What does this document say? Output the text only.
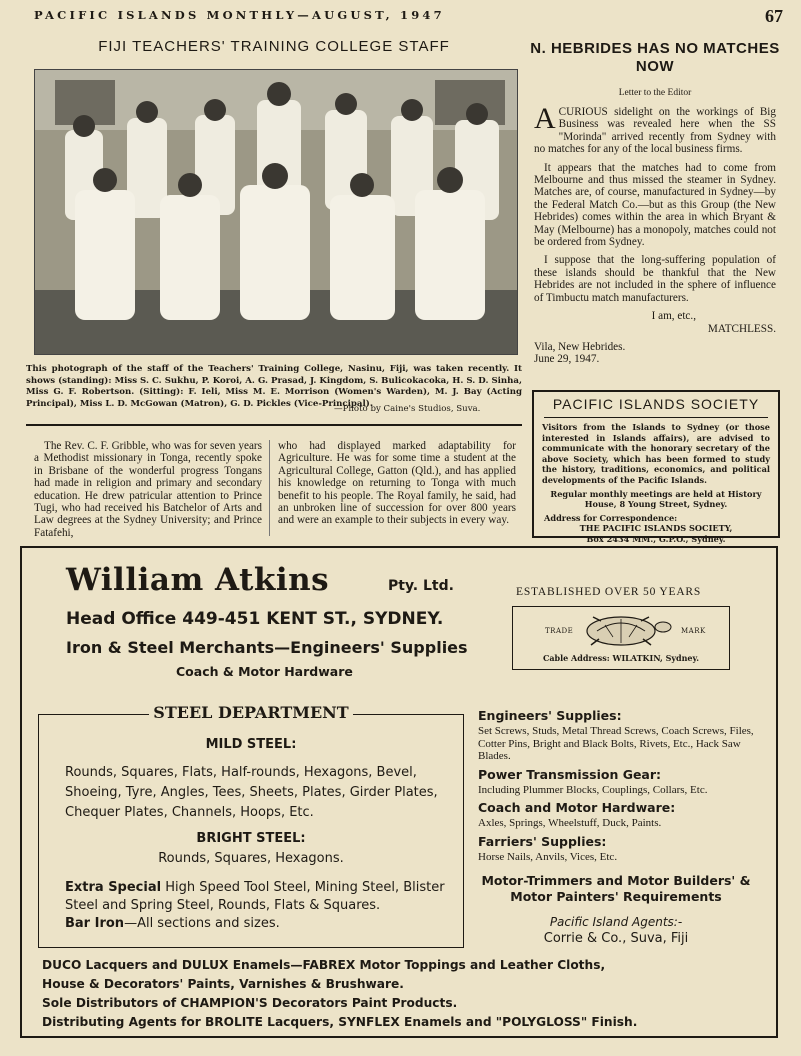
PACIFIC ISLANDS MONTHLY—AUGUST, 1947	67
FIJI TEACHERS' TRAINING COLLEGE STAFF
This photograph of the staff of the Teachers' Training College, Nasinu, Fiji, was taken recently. It shows (standing): Miss S. C. Sukhu, P. Koroi, A. G. Prasad, J. Kingdom, S. Bulicokacoka, H. S. D. Sinha, Miss G. F. Robertson. (Sitting): F. Ieli, Miss M. E. Morrison (Women's Warden), M. J. Bay (Acting Principal), Miss L. D. McGowan (Matron), G. D. Pickles (Vice-Principal).
—Photo by Caine's Studios, Suva.
The Rev. C. F. Gribble, who was for seven years a Methodist missionary in Tonga, recently spoke in Brisbane of the wonderful progress Tongans had made in religion and primary and secondary education. He drew patricular attention to Prince Tugi, who had received his Batchelor of Arts and Law degrees at the Sydney University; and Prince Fatafehi,
who had displayed marked adaptability for Agriculture. He was for some time a student at the Agricultural College, Gatton (Qld.), and has applied his knowledge on returning to Tonga with much benefit to his people. The Royal family, he said, had an unbroken line of succession for over 800 years and were an example to their subjects in every way.
N. HEBRIDES HAS NO MATCHES NOW
Letter to the Editor

ACURIOUS sidelight on the workings of Big Business was revealed here when the SS "Morinda" arrived recently from Sydney with no matches for any of the local business firms.

It appears that the matches had to come from Melbourne and thus missed the steamer in Sydney. Matches are, of course, manufactured in Sydney—by the Federal Match Co.—but as this Group (the New Hebrides) comes within the area in which Bryant & May (Melbourne) has a monopoly, matches could not be ordered from Sydney.

I suppose that the long-suffering population of these islands should be thankful that the New Hebrides are not included in the sphere of influence of Timbuctu match manufacturers.

I am, etc.,
MATCHLESS.
Vila, New Hebrides.
June 29, 1947.
PACIFIC ISLANDS SOCIETY
Visitors from the Islands to Sydney (or those interested in Islands affairs), are advised to communicate with the honorary secretary of the above Society, which has been formed to study the history, traditions, economics, and political developments of the Pacific Islands.
Regular monthly meetings are held at History House, 8 Young Street, Sydney.
Address for Correspondence:
THE PACIFIC ISLANDS SOCIETY,
Box 2434 MM., G.P.O., Sydney.
William Atkins	Pty. Ltd.
Head Office 449-451 KENT ST., SYDNEY.
Iron & Steel Merchants—Engineers' Supplies
Coach & Motor Hardware
ESTABLISHED OVER 50 YEARS
TRADE	MARK
Cable Address: WILATKIN, Sydney.
STEEL DEPARTMENT
MILD STEEL:
Rounds, Squares, Flats, Half-rounds, Hexagons, Bevel, Shoeing, Tyre, Angles, Tees, Sheets, Plates, Girder Plates, Chequer Plates, Channels, Hoops, Etc.
BRIGHT STEEL:
Rounds, Squares, Hexagons.
Extra Special High Speed Tool Steel, Mining Steel, Blister Steel and Spring Steel, Rounds, Flats & Squares.
Bar Iron—All sections and sizes.
Engineers' Supplies:
Set Screws, Studs, Metal Thread Screws, Coach Screws, Files, Cotter Pins, Bright and Black Bolts, Rivets, Etc., Hack Saw Blades.
Power Transmission Gear:
Including Plummer Blocks, Couplings, Collars, Etc.
Coach and Motor Hardware:
Axles, Springs, Wheelstuff, Duck, Paints.
Farriers' Supplies:
Horse Nails, Anvils, Vices, Etc.
Motor-Trimmers and Motor Builders' & Motor Painters' Requirements
Pacific Island Agents:-
Corrie & Co., Suva, Fiji
DUCO Lacquers and DULUX Enamels—FABREX Motor Toppings and Leather Cloths,
House & Decorators' Paints, Varnishes & Brushware.
Sole Distributors of CHAMPION'S Decorators Paint Products.
Distributing Agents for BROLITE Lacquers, SYNFLEX Enamels and "POLYGLOSS" Finish.
